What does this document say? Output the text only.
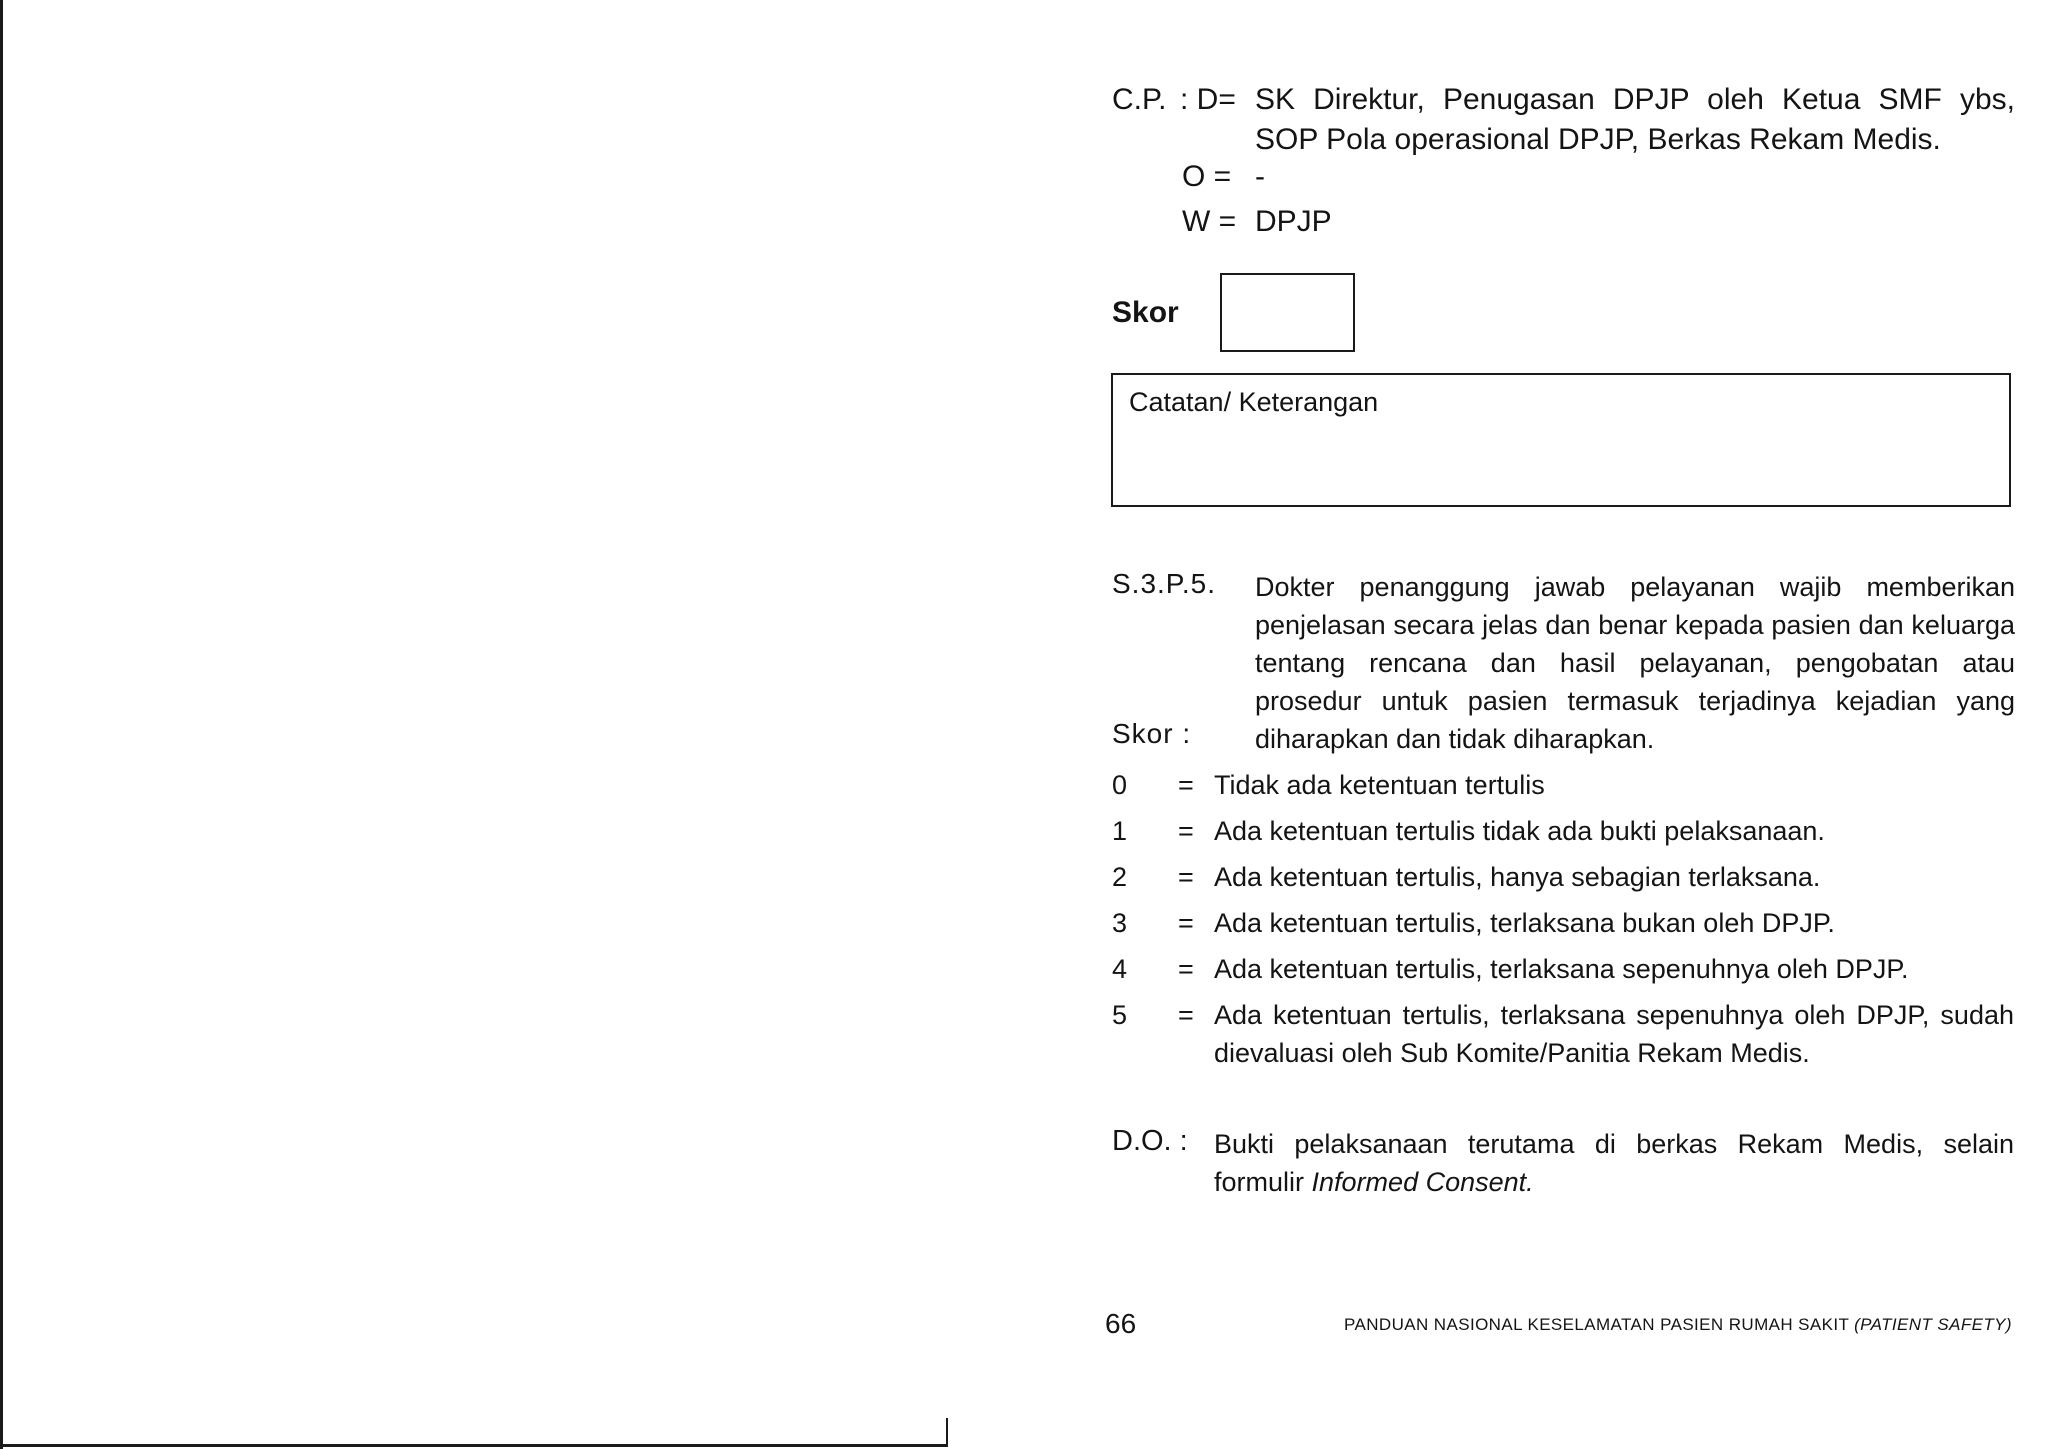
C.P. : D= SK Direktur, Penugasan DPJP oleh Ketua SMF ybs, SOP Pola operasional DPJP, Berkas Rekam Medis.
O = -
W = DPJP
Skor
Catatan/ Keterangan
S.3.P.5. Dokter penanggung jawab pelayanan wajib memberikan penjelasan secara jelas dan benar kepada pasien dan keluarga tentang rencana dan hasil pelayanan, pengobatan atau prosedur untuk pasien termasuk terjadinya kejadian yang diharapkan dan tidak diharapkan.
Skor :
0 = Tidak ada ketentuan tertulis
1 = Ada ketentuan tertulis tidak ada bukti pelaksanaan.
2 = Ada ketentuan tertulis, hanya sebagian terlaksana.
3 = Ada ketentuan tertulis, terlaksana bukan oleh DPJP.
4 = Ada ketentuan tertulis, terlaksana sepenuhnya oleh DPJP.
5 = Ada ketentuan tertulis, terlaksana sepenuhnya oleh DPJP, sudah dievaluasi oleh Sub Komite/Panitia Rekam Medis.
D.O. : Bukti pelaksanaan terutama di berkas Rekam Medis, selain formulir Informed Consent.
66	PANDUAN NASIONAL KESELAMATAN PASIEN RUMAH SAKIT (PATIENT SAFETY)
